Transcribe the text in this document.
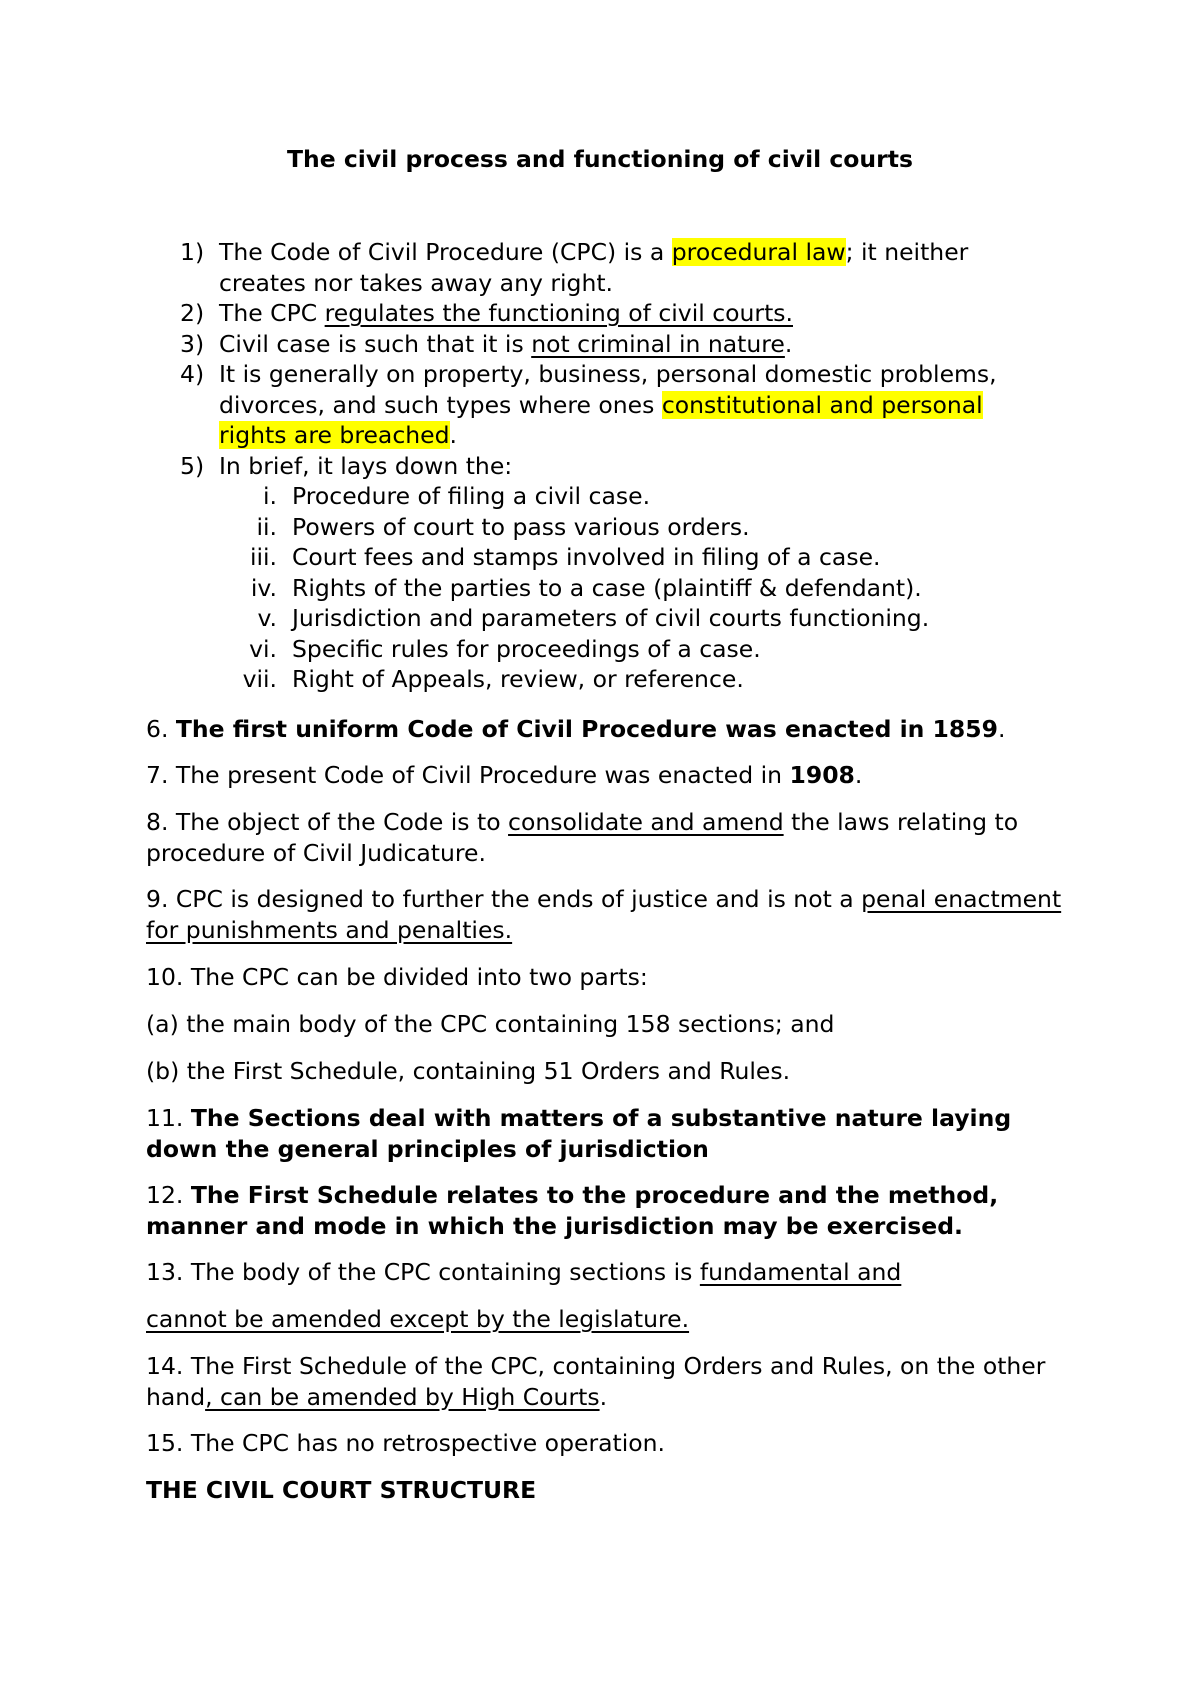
The civil process and functioning of civil courts
1) The Code of Civil Procedure (CPC) is a procedural law; it neither creates nor takes away any right.
2) The CPC regulates the functioning of civil courts.
3) Civil case is such that it is not criminal in nature.
4) It is generally on property, business, personal domestic problems, divorces, and such types where ones constitutional and personal rights are breached.
5) In brief, it lays down the:
i. Procedure of filing a civil case.
ii. Powers of court to pass various orders.
iii. Court fees and stamps involved in filing of a case.
iv. Rights of the parties to a case (plaintiff & defendant).
v. Jurisdiction and parameters of civil courts functioning.
vi. Specific rules for proceedings of a case.
vii. Right of Appeals, review, or reference.
6. The first uniform Code of Civil Procedure was enacted in 1859.
7. The present Code of Civil Procedure was enacted in 1908.
8. The object of the Code is to consolidate and amend the laws relating to procedure of Civil Judicature.
9. CPC is designed to further the ends of justice and is not a penal enactment for punishments and penalties.
10. The CPC can be divided into two parts:
(a) the main body of the CPC containing 158 sections; and
(b) the First Schedule, containing 51 Orders and Rules.
11. The Sections deal with matters of a substantive nature laying down the general principles of jurisdiction
12. The First Schedule relates to the procedure and the method, manner and mode in which the jurisdiction may be exercised.
13. The body of the CPC containing sections is fundamental and
cannot be amended except by the legislature.
14. The First Schedule of the CPC, containing Orders and Rules, on the other hand, can be amended by High Courts.
15. The CPC has no retrospective operation.
THE CIVIL COURT STRUCTURE
